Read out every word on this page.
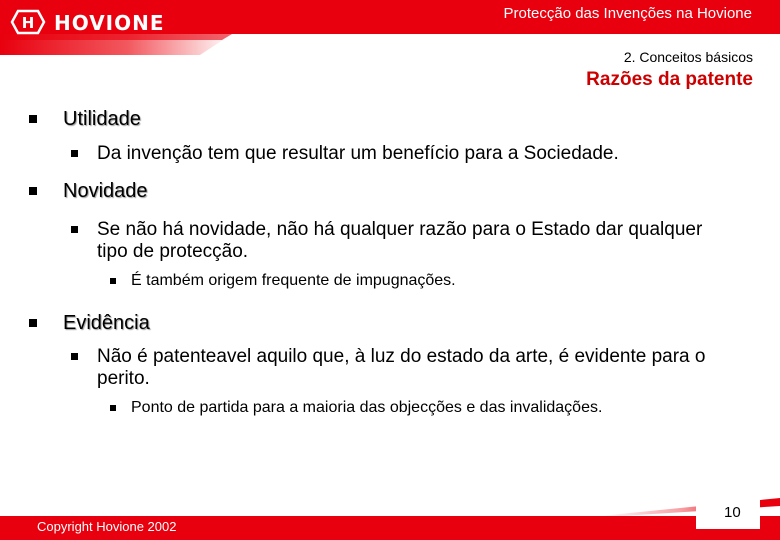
H HOVIONE	Protecção das Invenções na Hovione
2. Conceitos básicos
Razões da patente
Utilidade
Da invenção tem que resultar um benefício para a Sociedade.
Novidade
Se não há novidade, não há qualquer razão para o Estado dar qualquer tipo de protecção.
É também origem frequente de impugnações.
Evidência
Não é patenteavel aquilo que, à luz do estado da arte, é evidente para o perito.
Ponto de partida para a maioria das objecções e das invalidações.
Copyright Hovione 2002
10
